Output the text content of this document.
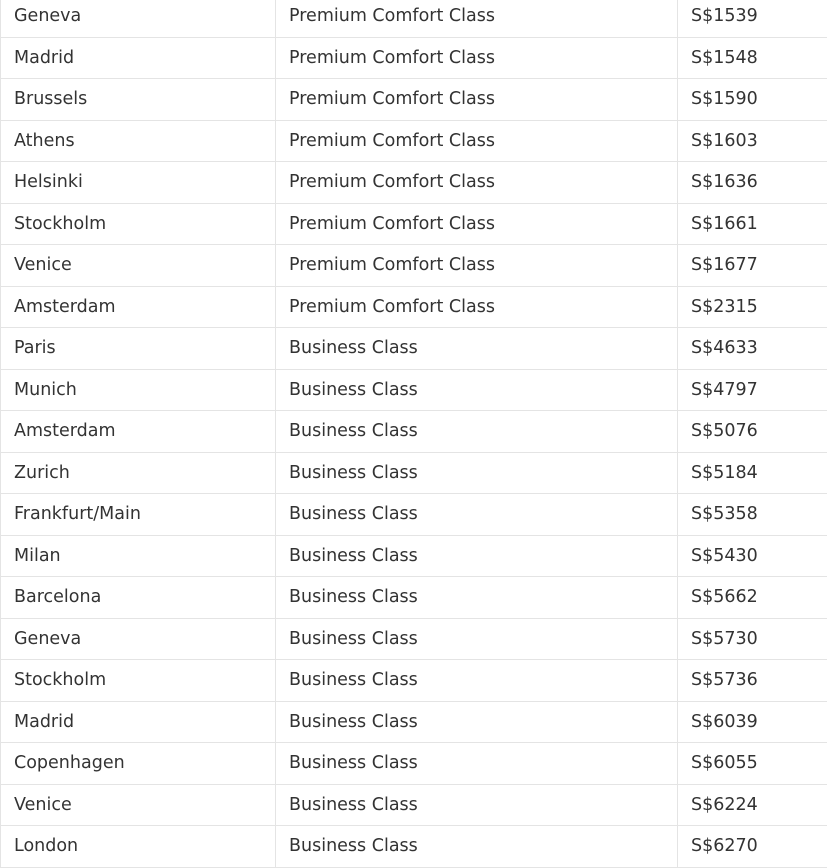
Geneva	Premium Comfort Class	S$1539
Madrid	Premium Comfort Class	S$1548
Brussels	Premium Comfort Class	S$1590
Athens	Premium Comfort Class	S$1603
Helsinki	Premium Comfort Class	S$1636
Stockholm	Premium Comfort Class	S$1661
Venice	Premium Comfort Class	S$1677
Amsterdam	Premium Comfort Class	S$2315
Paris	Business Class	S$4633
Munich	Business Class	S$4797
Amsterdam	Business Class	S$5076
Zurich	Business Class	S$5184
Frankfurt/Main	Business Class	S$5358
Milan	Business Class	S$5430
Barcelona	Business Class	S$5662
Geneva	Business Class	S$5730
Stockholm	Business Class	S$5736
Madrid	Business Class	S$6039
Copenhagen	Business Class	S$6055
Venice	Business Class	S$6224
London	Business Class	S$6270
